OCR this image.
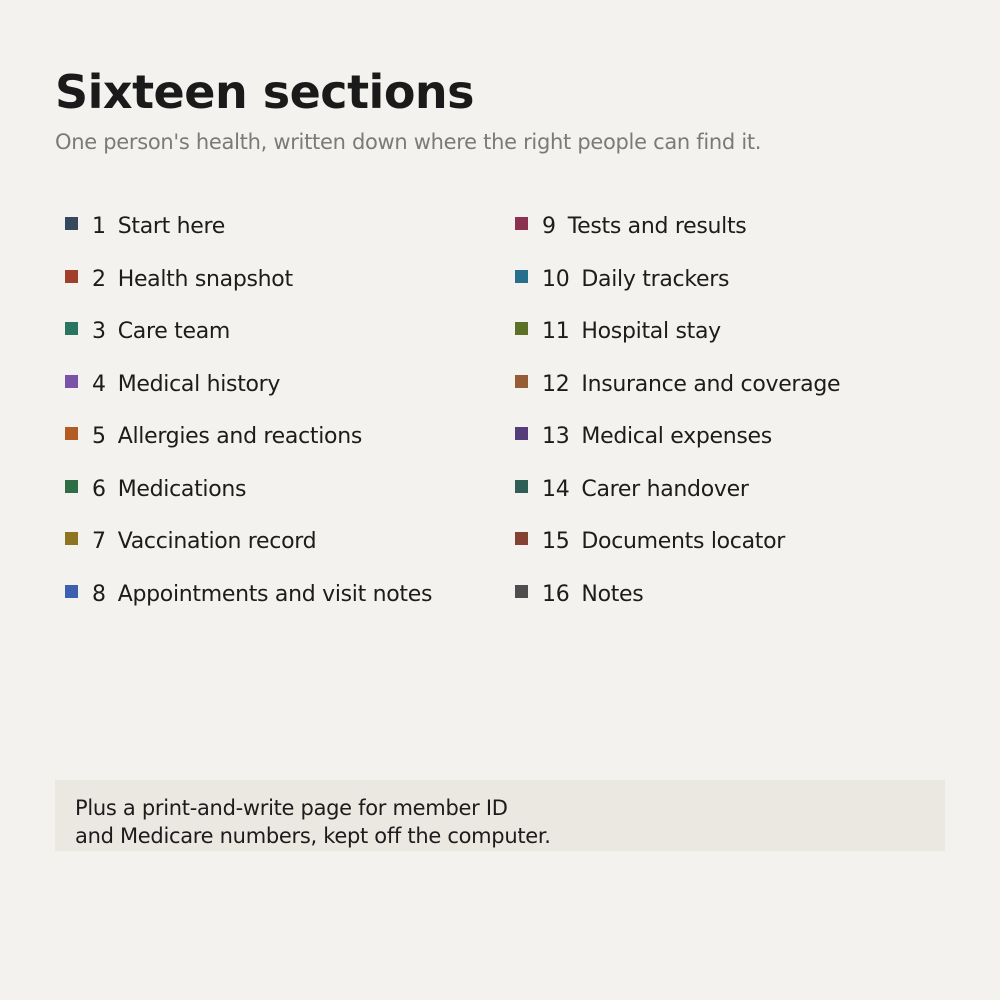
Sixteen sections

One person's health, written down where the right people can find it.

1 Start here
2 Health snapshot
3 Care team
4 Medical history
5 Allergies and reactions
6 Medications
7 Vaccination record
8 Appointments and visit notes
9 Tests and results
10 Daily trackers
11 Hospital stay
12 Insurance and coverage
13 Medical expenses
14 Carer handover
15 Documents locator
16 Notes

Plus a print-and-write page for member ID
and Medicare numbers, kept off the computer.
